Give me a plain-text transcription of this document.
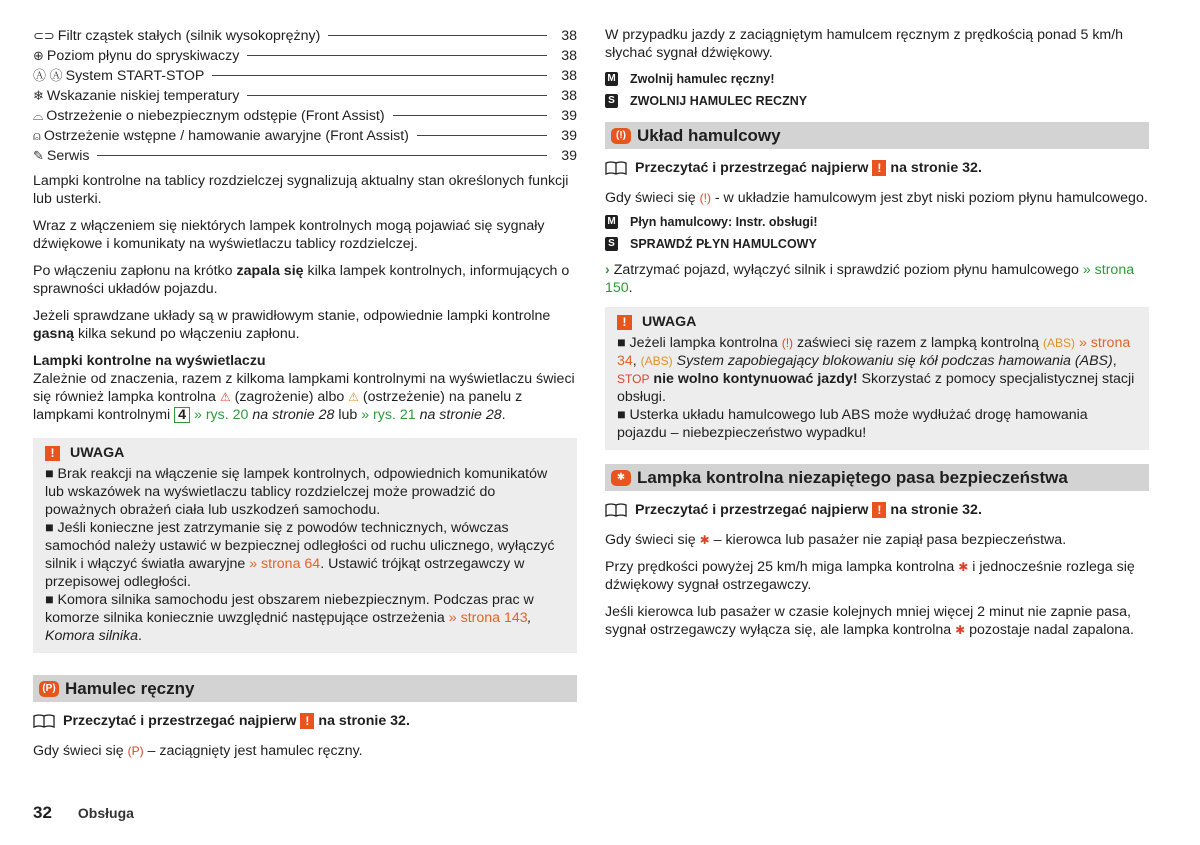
⊂⊃ Filtr cząstek stałych (silnik wysokoprężny)	38
⊕ Poziom płynu do spryskiwaczy	38
Ⓐ Ⓐ System START-STOP	38
❄ Wskazanie niskiej temperatury	38
⌓ Ostrzeżenie o niebezpiecznym odstępie (Front Assist)	39
⍝ Ostrzeżenie wstępne / hamowanie awaryjne (Front Assist)	39
✎ Serwis	39

Lampki kontrolne na tablicy rozdzielczej sygnalizują aktualny stan określonych funkcji lub usterki.

Wraz z włączeniem się niektórych lampek kontrolnych mogą pojawiać się sygnały dźwiękowe i komunikaty na wyświetlaczu tablicy rozdzielczej.

Po włączeniu zapłonu na krótko zapala się kilka lampek kontrolnych, informujących o sprawności układów pojazdu.

Jeżeli sprawdzane układy są w prawidłowym stanie, odpowiednie lampki kontrolne gasną kilka sekund po włączeniu zapłonu.

Lampki kontrolne na wyświetlaczu

Zależnie od znaczenia, razem z kilkoma lampkami kontrolnymi na wyświetlaczu świeci się również lampka kontrolna ⚠ (zagrożenie) albo ⚠ (ostrzeżenie) na panelu z lampkami kontrolnymi 4 » rys. 20 na stronie 28 lub » rys. 21 na stronie 28.

!	UWAGA

■ Brak reakcji na włączenie się lampek kontrolnych, odpowiednich komunikatów lub wskazówek na wyświetlaczu tablicy rozdzielczej może prowadzić do poważnych obrażeń ciała lub uszkodzeń samochodu.

■ Jeśli konieczne jest zatrzymanie się z powodów technicznych, wówczas samochód należy ustawić w bezpiecznej odległości od ruchu ulicznego, wyłączyć silnik i włączyć światła awaryjne » strona 64. Ustawić trójkąt ostrzegawczy w przepisowej odległości.

■ Komora silnika samochodu jest obszarem niebezpiecznym. Podczas prac w komorze silnika koniecznie uwzględnić następujące ostrzeżenia » strona 143, Komora silnika.

(P) Hamulec ręczny
Przeczytać i przestrzegać najpierw ! na stronie 32.

Gdy świeci się (P) – zaciągnięty jest hamulec ręczny.

W przypadku jazdy z zaciągniętym hamulcem ręcznym z prędkością ponad 5 km/h słychać sygnał dźwiękowy.

M Zwolnij hamulec ręczny!
S ZWOLNIJ HAMULEC RECZNY
(!) Układ hamulcowy
Przeczytać i przestrzegać najpierw ! na stronie 32.

Gdy świeci się (!) - w układzie hamulcowym jest zbyt niski poziom płynu hamulcowego.

M Płyn hamulcowy: Instr. obsługi!
S SPRAWDŹ PŁYN HAMULCOWY

› Zatrzymać pojazd, wyłączyć silnik i sprawdzić poziom płynu hamulcowego » strona 150.

!	UWAGA

■ Jeżeli lampka kontrolna (!) zaświeci się razem z lampką kontrolną (ABS) » strona 34, (ABS) System zapobiegający blokowaniu się kół podczas hamowania (ABS), STOP nie wolno kontynuować jazdy! Skorzystać z pomocy specjalistycznej stacji obsługi.

■ Usterka układu hamulcowego lub ABS może wydłużać drogę hamowania pojazdu – niebezpieczeństwo wypadku!

✱ Lampka kontrolna niezapiętego pasa bezpieczeństwa
Przeczytać i przestrzegać najpierw ! na stronie 32.

Gdy świeci się ✱ – kierowca lub pasażer nie zapiął pasa bezpieczeństwa.

Przy prędkości powyżej 25 km/h miga lampka kontrolna ✱ i jednocześnie rozlega się dźwiękowy sygnał ostrzegawczy.

Jeśli kierowca lub pasażer w czasie kolejnych mniej więcej 2 minut nie zapnie pasa, sygnał ostrzegawczy wyłącza się, ale lampka kontrolna ✱ pozostaje nadal zapalona.

32 Obsługa
